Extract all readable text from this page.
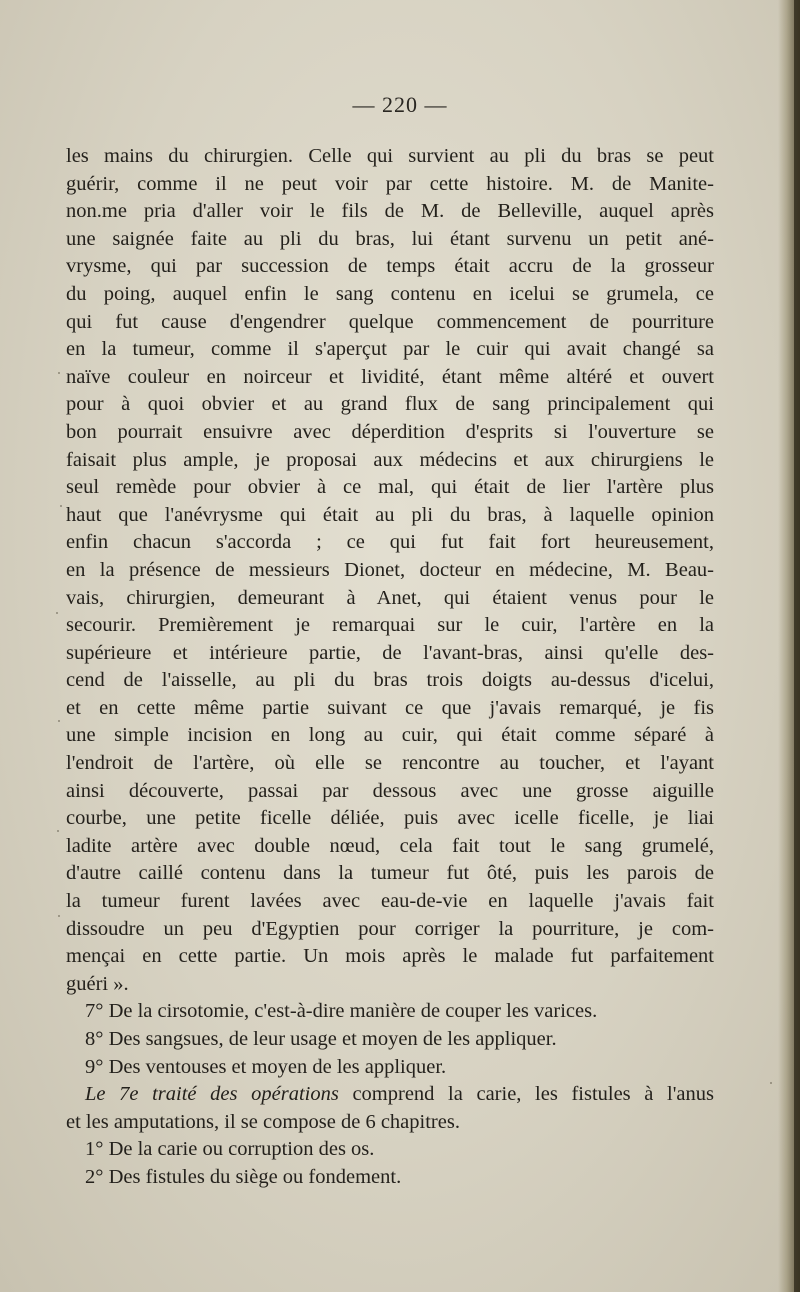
— 220 —
les mains du chirurgien. Celle qui survient au pli du bras se peut
guérir, comme il ne peut voir par cette histoire. M. de Manite-
non.me pria d'aller voir le fils de M. de Belleville, auquel après
une saignée faite au pli du bras, lui étant survenu un petit ané-
vrysme, qui par succession de temps était accru de la grosseur
du poing, auquel enfin le sang contenu en icelui se grumela, ce
qui fut cause d'engendrer quelque commencement de pourriture
en la tumeur, comme il s'aperçut par le cuir qui avait changé sa
naïve couleur en noirceur et lividité, étant même altéré et ouvert
pour à quoi obvier et au grand flux de sang principalement qui
bon pourrait ensuivre avec déperdition d'esprits si l'ouverture se
faisait plus ample, je proposai aux médecins et aux chirurgiens le
seul remède pour obvier à ce mal, qui était de lier l'artère plus
haut que l'anévrysme qui était au pli du bras, à laquelle opinion
enfin chacun s'accorda ; ce qui fut fait fort heureusement,
en la présence de messieurs Dionet, docteur en médecine, M. Beau-
vais, chirurgien, demeurant à Anet, qui étaient venus pour le
secourir. Premièrement je remarquai sur le cuir, l'artère en la
supérieure et intérieure partie, de l'avant-bras, ainsi qu'elle des-
cend de l'aisselle, au pli du bras trois doigts au-dessus d'icelui,
et en cette même partie suivant ce que j'avais remarqué, je fis
une simple incision en long au cuir, qui était comme séparé à
l'endroit de l'artère, où elle se rencontre au toucher, et l'ayant
ainsi découverte, passai par dessous avec une grosse aiguille
courbe, une petite ficelle déliée, puis avec icelle ficelle, je liai
ladite artère avec double nœud, cela fait tout le sang grumelé,
d'autre caillé contenu dans la tumeur fut ôté, puis les parois de
la tumeur furent lavées avec eau-de-vie en laquelle j'avais fait
dissoudre un peu d'Egyptien pour corriger la pourriture, je com-
mençai en cette partie. Un mois après le malade fut parfaitement
guéri ».
7° De la cirsotomie, c'est-à-dire manière de couper les varices.
8° Des sangsues, de leur usage et moyen de les appliquer.
9° Des ventouses et moyen de les appliquer.
Le 7e traité des opérations comprend la carie, les fistules à l'anus
et les amputations, il se compose de 6 chapitres.
1° De la carie ou corruption des os.
2° Des fistules du siège ou fondement.
